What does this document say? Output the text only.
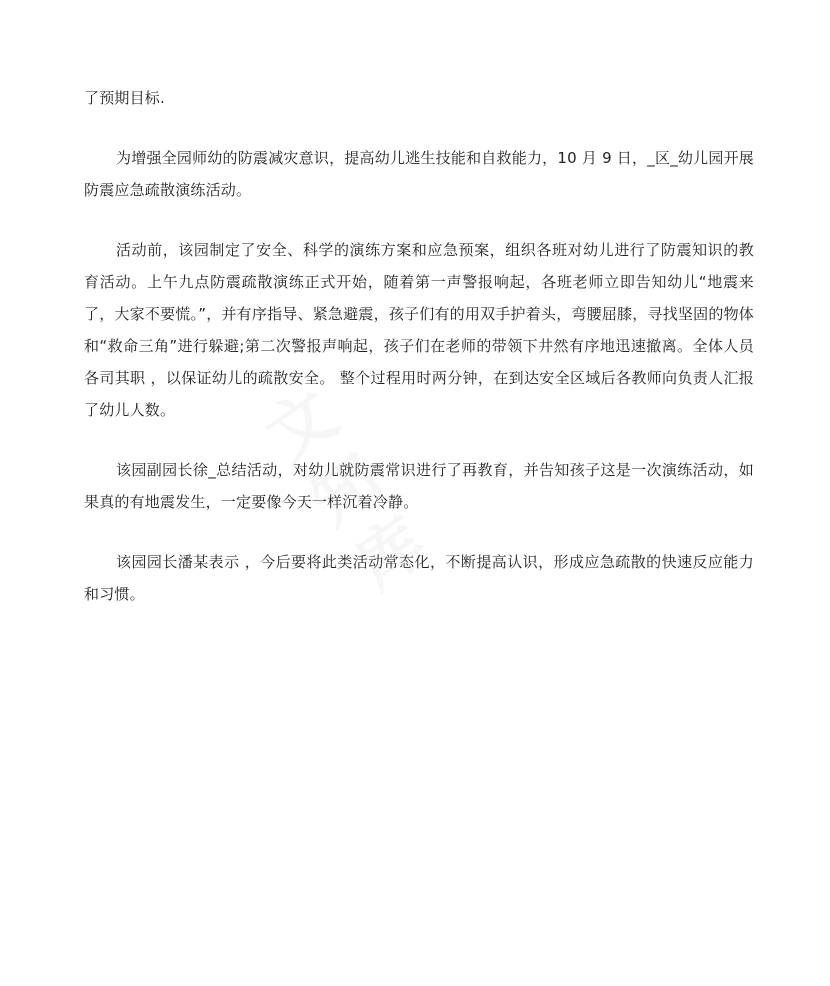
了预期目标.

为增强全园师幼的防震减灾意识，提高幼儿逃生技能和自救能力，10 月 9 日，_区_幼儿园开展防震应急疏散演练活动。

活动前，该园制定了安全、科学的演练方案和应急预案，组织各班对幼儿进行了防震知识的教育活动。上午九点防震疏散演练正式开始，随着第一声警报响起，各班老师立即告知幼儿“地震来了，大家不要慌。”，并有序指导、紧急避震，孩子们有的用双手护着头，弯腰屈膝，寻找坚固的物体和“救命三角”进行躲避;第二次警报声响起，孩子们在老师的带领下井然有序地迅速撤离。全体人员各司其职 ，以保证幼儿的疏散安全。 整个过程用时两分钟，在到达安全区域后各教师向负责人汇报了幼儿人数。

该园副园长徐_总结活动，对幼儿就防震常识进行了再教育，并告知孩子这是一次演练活动，如果真的有地震发生，一定要像今天一样沉着冷静。

该园园长潘某表示 ，今后要将此类活动常态化，不断提高认识，形成应急疏散的快速反应能力和习惯。

文
知
库
